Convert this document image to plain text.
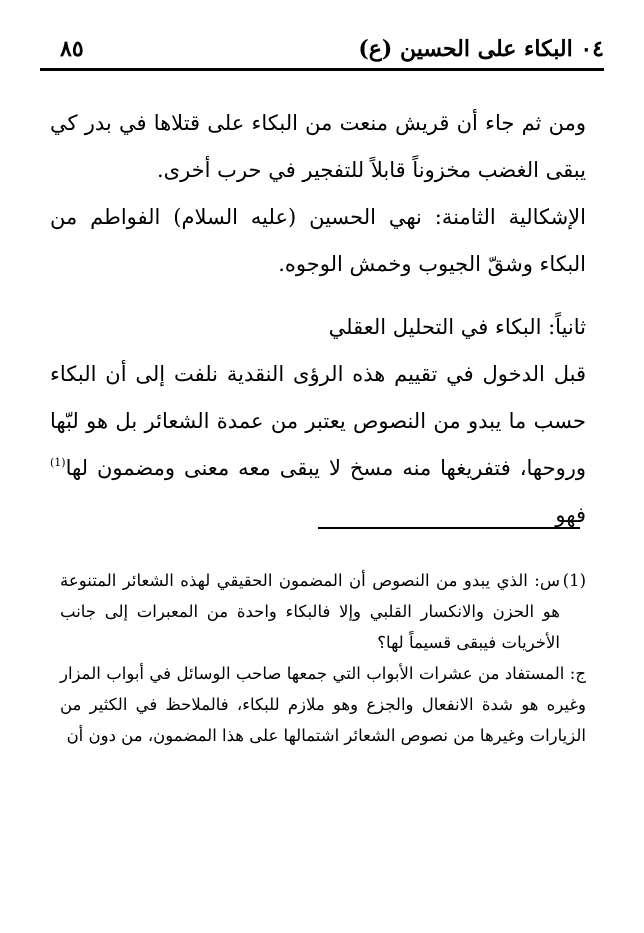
٠٤ البكاء على الحسين (ع)
٨٥

ومن ثم جاء أن قريش منعت من البكاء على قتلاها في بدر كي يبقى الغضب مخزوناً قابلاً للتفجير في حرب أخرى.

الإشكالية الثامنة: نهي الحسين (عليه السلام) الفواطم من البكاء وشقّ الجيوب وخمش الوجوه.

ثانياً: البكاء في التحليل العقلي

قبل الدخول في تقييم هذه الرؤى النقدية نلفت إلى أن البكاء حسب ما يبدو من النصوص يعتبر من عمدة الشعائر بل هو لبّها وروحها، فتفريغها منه مسخ لا يبقى معه معنى ومضمون لها$^{(1)}$ فهو

(1)
س: الذي يبدو من النصوص أن المضمون الحقيقي لهذه الشعائر المتنوعة هو الحزن والانكسار القلبي وإلا فالبكاء واحدة من المعبرات إلى جانب الأخريات فيبقى قسيماً لها؟

ج: المستفاد من عشرات الأبواب التي جمعها صاحب الوسائل في أبواب المزار وغيره هو شدة الانفعال والجزع وهو ملازم للبكاء، فالملاحظ في الكثير من الزيارات وغيرها من نصوص الشعائر اشتمالها على هذا المضمون، من دون أن
